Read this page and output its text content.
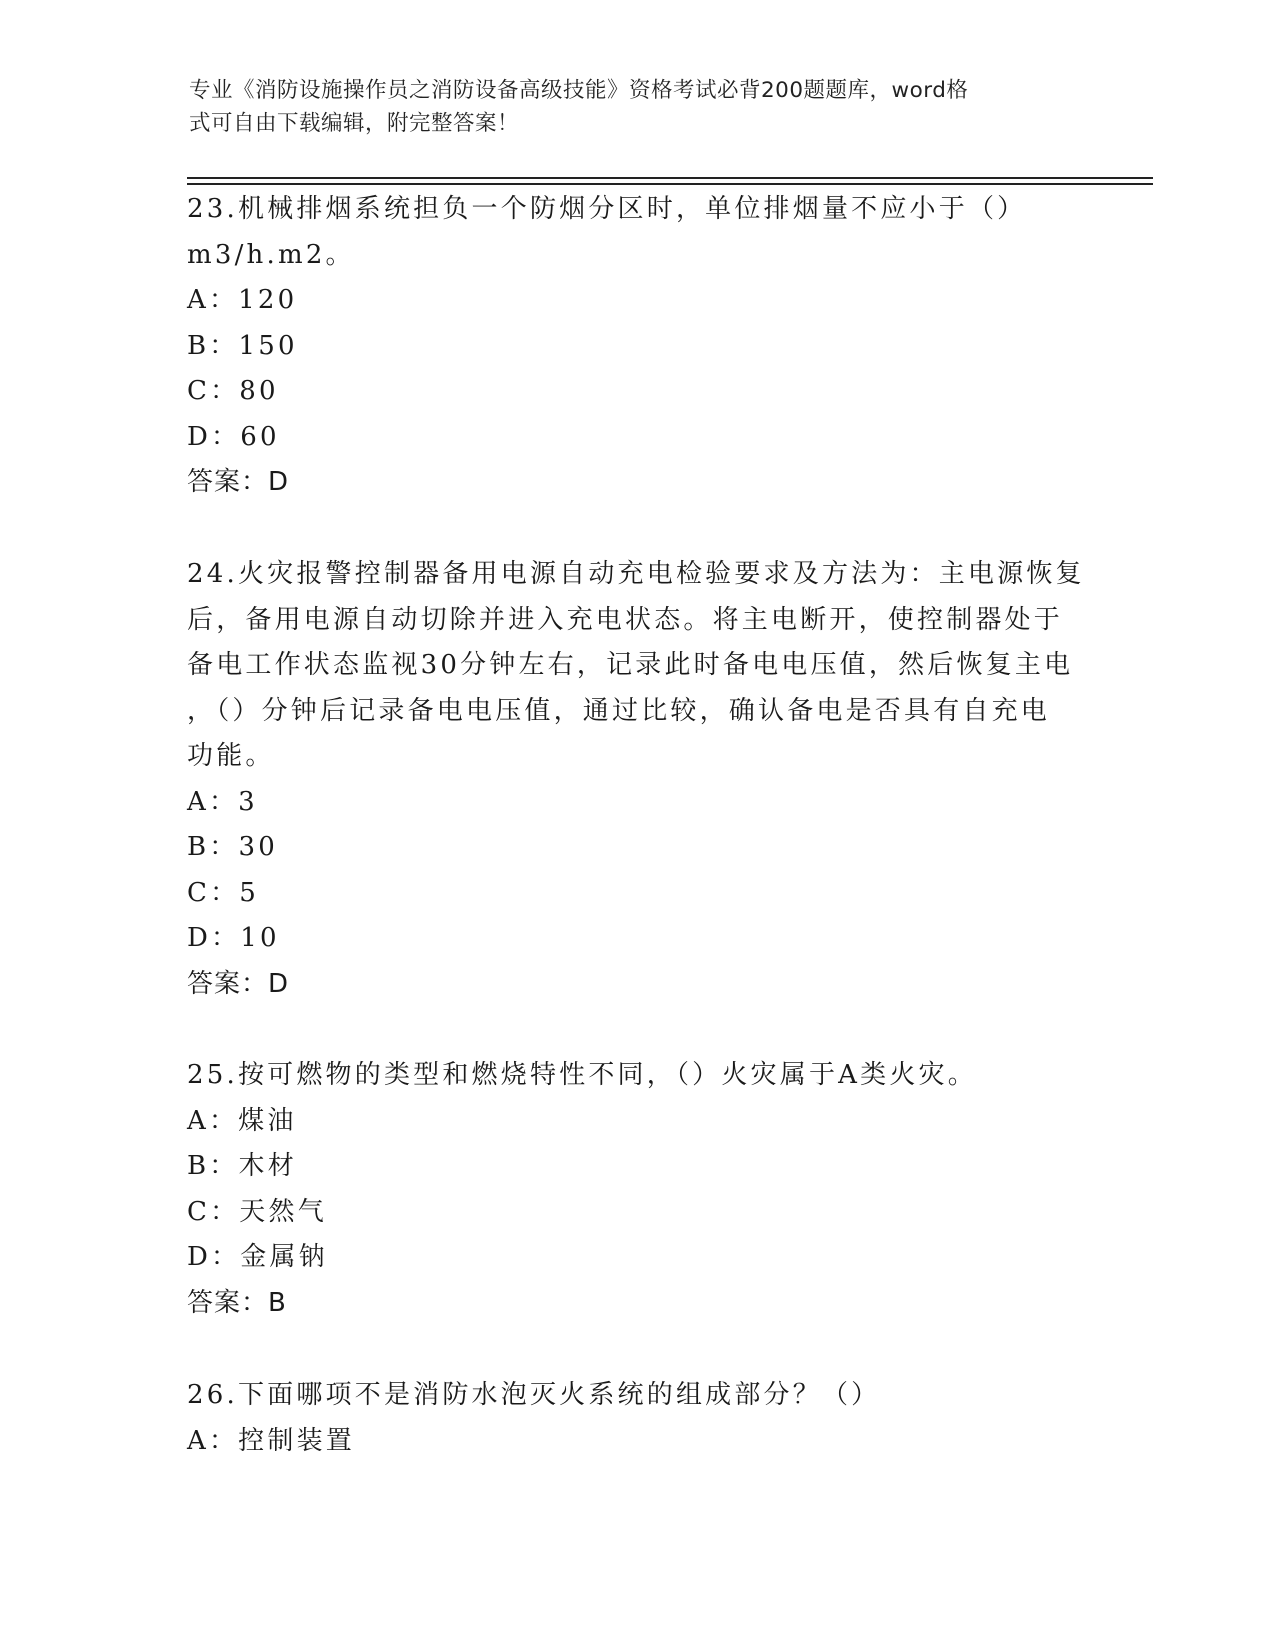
专业《消防设施操作员之消防设备高级技能》资格考试必背200题题库，word格
式可自由下载编辑，附完整答案！
23.机械排烟系统担负一个防烟分区时，单位排烟量不应小于（）
m3/h.m2。
A：120
B：150
C：80
D：60
答案：D
24.火灾报警控制器备用电源自动充电检验要求及方法为：主电源恢复
后，备用电源自动切除并进入充电状态。将主电断开，使控制器处于
备电工作状态监视30分钟左右，记录此时备电电压值，然后恢复主电
，（）分钟后记录备电电压值，通过比较，确认备电是否具有自充电
功能。
A：3
B：30
C：5
D：10
答案：D
25.按可燃物的类型和燃烧特性不同，（）火灾属于A类火灾。
A：煤油
B：木材
C：天然气
D：金属钠
答案：B
26.下面哪项不是消防水泡灭火系统的组成部分？（）
A：控制装置
